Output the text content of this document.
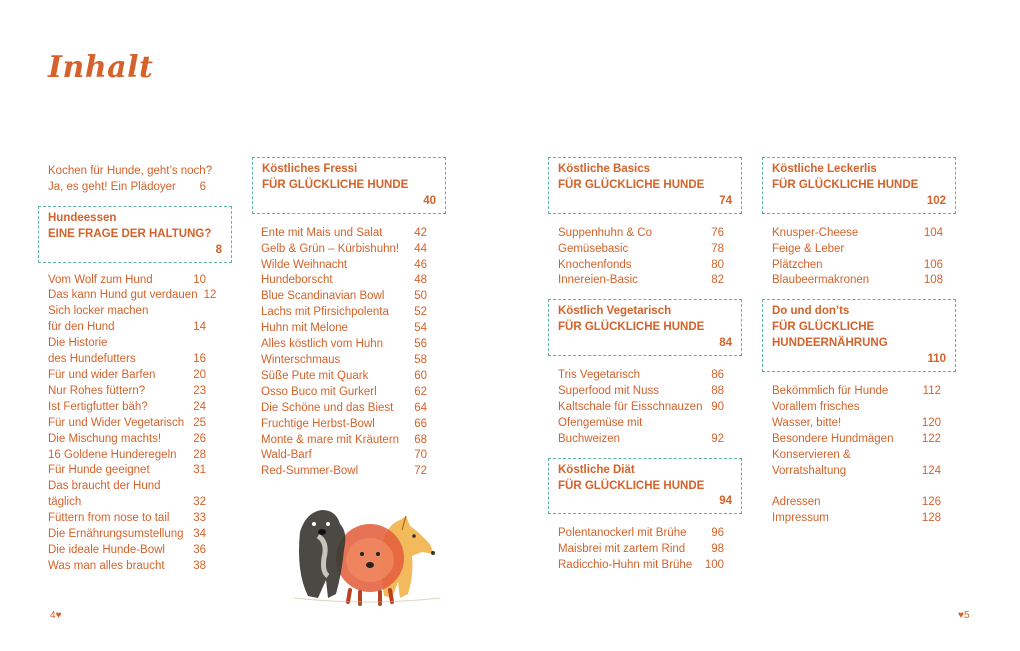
Inhalt
Kochen für Hunde, geht’s noch?
Ja, es geht! Ein Plädoyer 6
Hundeessen
EINE FRAGE DER HALTUNG?
8
Vom Wolf zum Hund	10
Das kann Hund gut verdauen 12
Sich locker machen
für den Hund	14
Die Historie
des Hundefutters	16
Für und wider Barfen	20
Nur Rohes füttern?	23
Ist Fertigfutter bäh?	24
Für und Wider Vegetarisch 25
Die Mischung machts!	26
16 Goldene Hunderegeln 28
Für Hunde geeignet	31
Das braucht der Hund
täglich	32
Füttern from nose to tail 33
Die Ernährungsumstellung 34
Die ideale Hunde-Bowl 36
Was man alles braucht 38
Köstliches Fressi
FÜR GLÜCKLICHE HUNDE
40
Ente mit Mais und Salat	42
Gelb & Grün – Kürbishuhn! 44
Wilde Weihnacht	46
Hundeborscht	48
Blue Scandinavian Bowl	50
Lachs mit Pfirsichpolenta 52
Huhn mit Melone	54
Alles köstlich vom Huhn	56
Winterschmaus	58
Süße Pute mit Quark	60
Osso Buco mit Gurkerl	62
Die Schöne und das Biest 64
Fruchtige Herbst-Bowl	66
Monte & mare mit Kräutern 68
Wald-Barf	70
Red-Summer-Bowl	72
Köstliche Basics
FÜR GLÜCKLICHE HUNDE
74
Suppenhuhn & Co	76
Gemüsebasic	78
Knochenfonds	80
Innereien-Basic	82
Köstlich Vegetarisch
FÜR GLÜCKLICHE HUNDE
84
Tris Vegetarisch	86
Superfood mit Nuss	88
Kaltschale für Eisschnauzen 90
Ofengemüse mit
Buchweizen	92
Köstliche Diät
FÜR GLÜCKLICHE HUNDE
94
Polentanockerl mit Brühe 96
Maisbrei mit zartem Rind 98
Radicchio-Huhn mit Brühe 100
Köstliche Leckerlis
FÜR GLÜCKLICHE HUNDE
102
Knusper-Cheese	104
Feige & Leber
Plätzchen	106
Blaubeermakronen	108
Do und don’ts
FÜR GLÜCKLICHE
HUNDEERNÄHRUNG
110
Bekömmlich für Hunde	112
Vorallem frisches
Wasser, bitte!	120
Besondere Hundmägen 122
Konservieren &
Vorratshaltung	124
Adressen	126
Impressum	128
4♥	♥5
